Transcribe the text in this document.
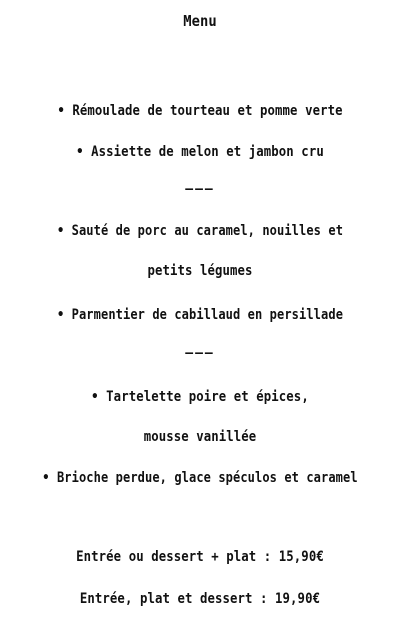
Menu
• Rémoulade de tourteau et pomme verte
• Assiette de melon et jambon cru
———
• Sauté de porc au caramel, nouilles et
petits légumes
• Parmentier de cabillaud en persillade
———
• Tartelette poire et épices,
mousse vanillée
• Brioche perdue, glace spéculos et caramel
Entrée ou dessert + plat : 15,90€
Entrée, plat et dessert : 19,90€
